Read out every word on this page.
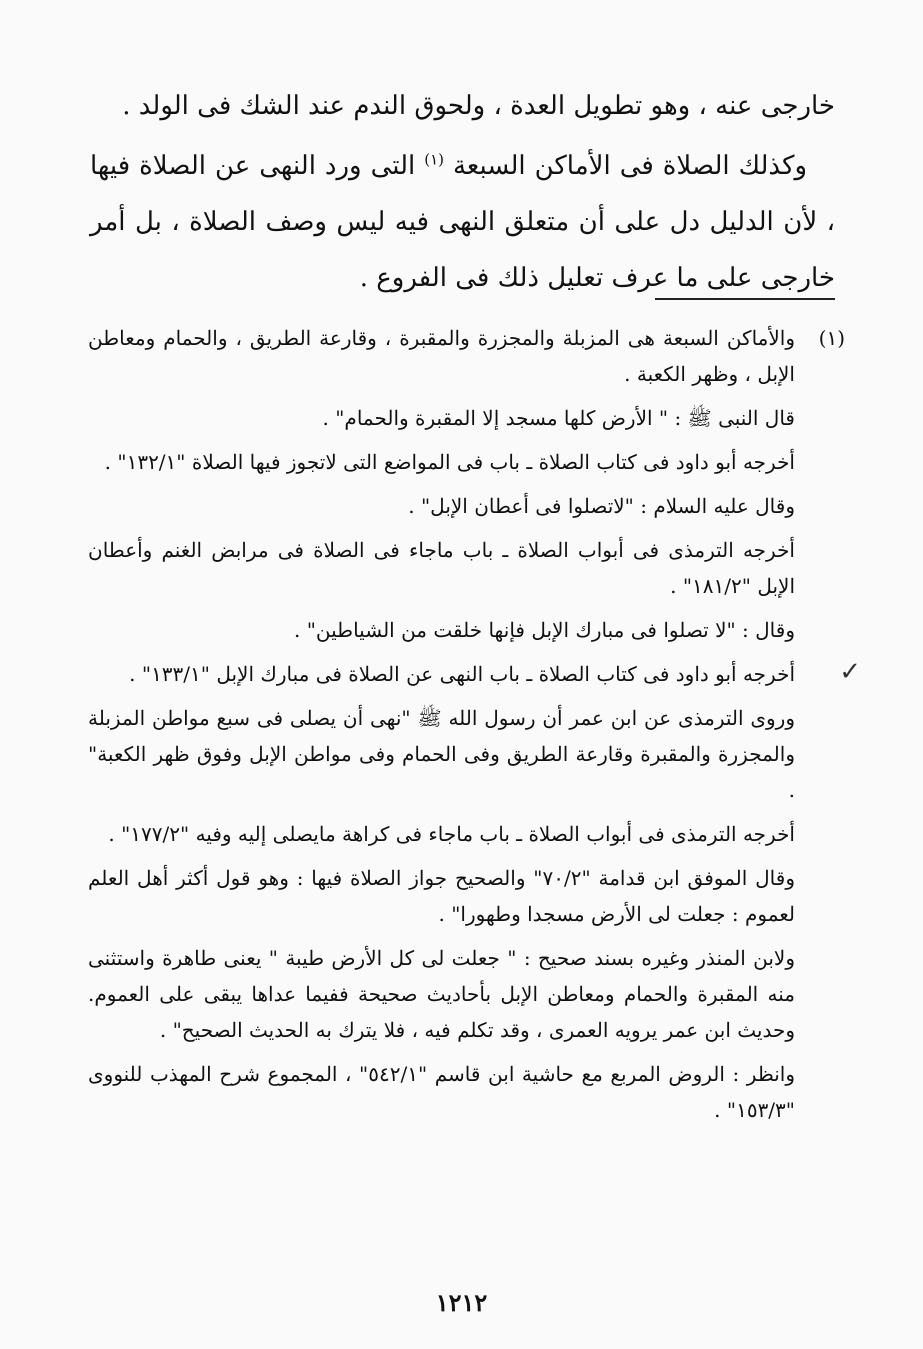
خارجى عنه ، وهو تطويل العدة ، ولحوق الندم عند الشك فى الولد .

وكذلك الصلاة فى الأماكن السبعة $^{(١)}$ التى ورد النهى عن الصلاة فيها ، لأن الدليل دل على أن متعلق النهى فيه ليس وصف الصلاة ، بل أمر خارجى على ما عرف تعليل ذلك فى الفروع .

✓
(١)

والأماكن السبعة هى المزبلة والمجزرة والمقبرة ، وقارعة الطريق ، والحمام ومعاطن الإبل ، وظهر الكعبة .

قال النبى ﷺ : " الأرض كلها مسجد إلا المقبرة والحمام" .

أخرجه أبو داود فى كتاب الصلاة ـ باب فى المواضع التى لاتجوز فيها الصلاة "١٣٢/١" .

وقال عليه السلام : "لاتصلوا فى أعطان الإبل" .

أخرجه الترمذى فى أبواب الصلاة ـ باب ماجاء فى الصلاة فى مرابض الغنم وأعطان الإبل "١٨١/٢" .

وقال : "لا تصلوا فى مبارك الإبل فإنها خلقت من الشياطين" .

أخرجه أبو داود فى كتاب الصلاة ـ باب النهى عن الصلاة فى مبارك الإبل "١٣٣/١" .

وروى الترمذى عن ابن عمر أن رسول الله ﷺ "نهى أن يصلى فى سبع مواطن المزبلة والمجزرة والمقبرة وقارعة الطريق وفى الحمام وفى مواطن الإبل وفوق ظهر الكعبة" .

أخرجه الترمذى فى أبواب الصلاة ـ باب ماجاء فى كراهة مايصلى إليه وفيه "١٧٧/٢" .

وقال الموفق ابن قدامة "٧٠/٢" والصحيح جواز الصلاة فيها : وهو قول أكثر أهل العلم لعموم : جعلت لى الأرض مسجدا وطهورا" .

ولابن المنذر وغيره بسند صحيح : " جعلت لى كل الأرض طيبة " يعنى طاهرة واستثنى منه المقبرة والحمام ومعاطن الإبل بأحاديث صحيحة ففيما عداها يبقى على العموم. وحديث ابن عمر يرويه العمرى ، وقد تكلم فيه ، فلا يترك به الحديث الصحيح" .

وانظر : الروض المربع مع حاشية ابن قاسم "٥٤٢/١" ، المجموع شرح المهذب للنووى "١٥٣/٣" .

١٢١٢
